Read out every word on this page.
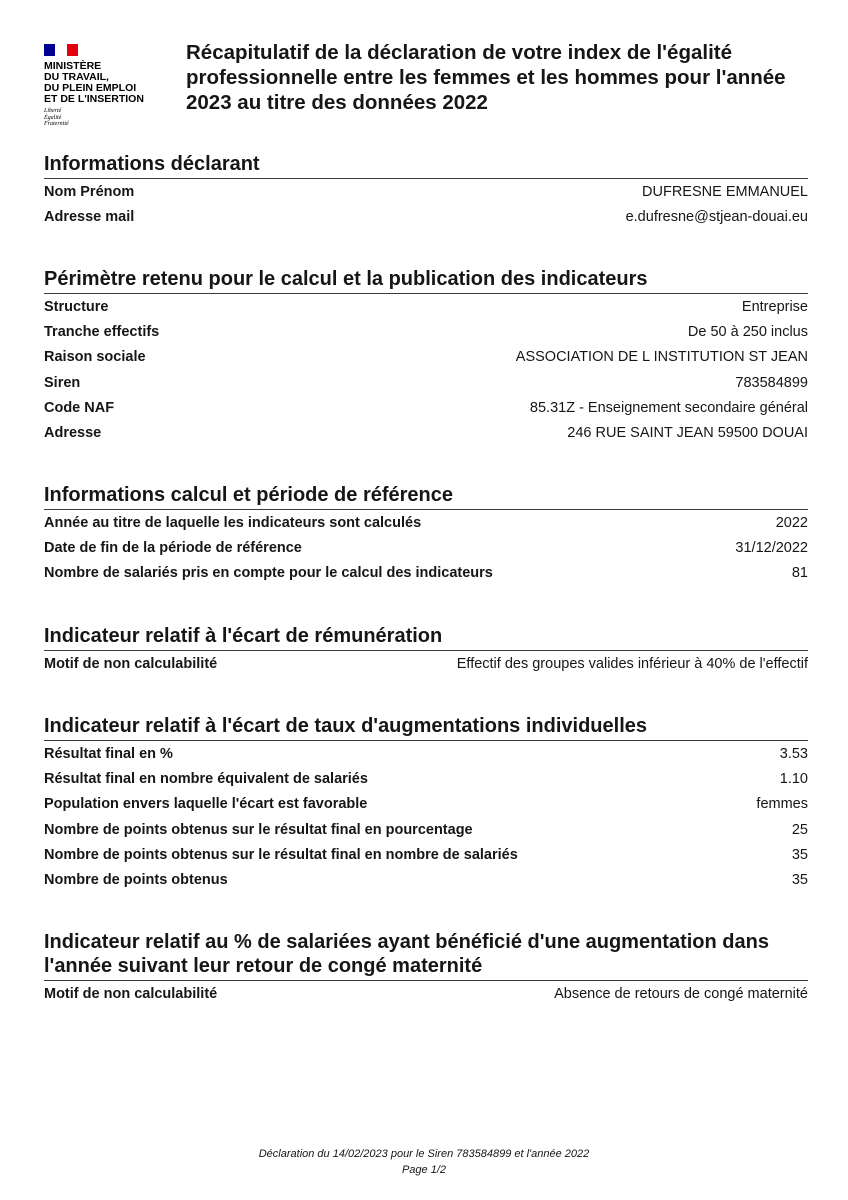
MINISTÈRE
DU TRAVAIL,
DU PLEIN EMPLOI
ET DE L'INSERTION
Liberté
Égalité
Fraternité
Récapitulatif de la déclaration de votre index de l'égalité professionnelle entre les femmes et les hommes pour l'année 2023 au titre des données 2022
Informations déclarant
Nom Prénom	DUFRESNE EMMANUEL
Adresse mail	e.dufresne@stjean-douai.eu
Périmètre retenu pour le calcul et la publication des indicateurs
Structure	Entreprise
Tranche effectifs	De 50 à 250 inclus
Raison sociale	ASSOCIATION DE L INSTITUTION ST JEAN
Siren	783584899
Code NAF	85.31Z - Enseignement secondaire général
Adresse	246 RUE SAINT JEAN 59500 DOUAI
Informations calcul et période de référence
Année au titre de laquelle les indicateurs sont calculés	2022
Date de fin de la période de référence	31/12/2022
Nombre de salariés pris en compte pour le calcul des indicateurs	81
Indicateur relatif à l'écart de rémunération
Motif de non calculabilité	Effectif des groupes valides inférieur à 40% de l'effectif
Indicateur relatif à l'écart de taux d'augmentations individuelles
Résultat final en %	3.53
Résultat final en nombre équivalent de salariés	1.10
Population envers laquelle l'écart est favorable	femmes
Nombre de points obtenus sur le résultat final en pourcentage	25
Nombre de points obtenus sur le résultat final en nombre de salariés	35
Nombre de points obtenus	35
Indicateur relatif au % de salariées ayant bénéficié d'une augmentation dans l'année suivant leur retour de congé maternité
Motif de non calculabilité	Absence de retours de congé maternité
Déclaration du 14/02/2023 pour le Siren 783584899 et l'année 2022
Page 1/2
